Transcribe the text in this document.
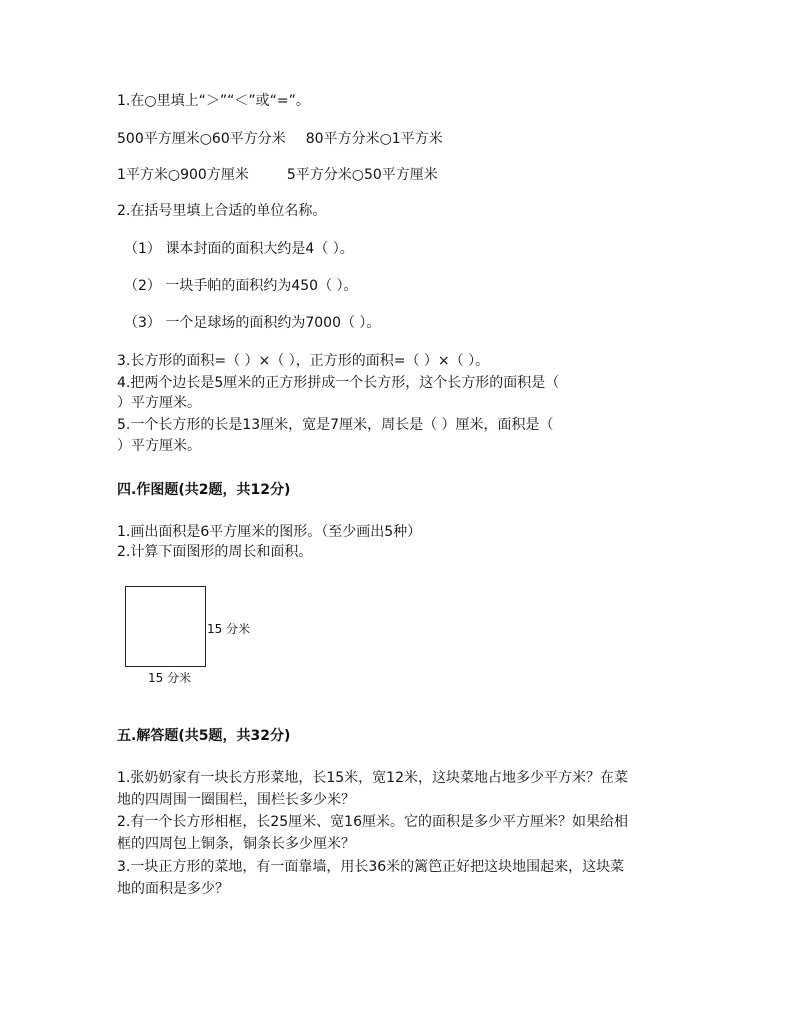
1.在○里填上“＞”“＜”或“=”。
500平方厘米○60平方分米 80平方分米○1平方米
1平方米○900方厘米	5平方分米○50平方厘米
2.在括号里填上合适的单位名称。
（1） 课本封面的面积大约是4（ ）。
（2） 一块手帕的面积约为450（ ）。
（3） 一个足球场的面积约为7000（ ）。
3.长方形的面积=（ ）×（ ），正方形的面积=（ ）×（ ）。
4.把两个边长是5厘米的正方形拼成一个长方形，这个长方形的面积是（
）平方厘米。
5.一个长方形的长是13厘米，宽是7厘米，周长是（ ）厘米，面积是（
）平方厘米。
四.作图题(共2题，共12分)
1.画出面积是6平方厘米的图形。（至少画出5种）
2.计算下面图形的周长和面积。
15 分米
15 分米
五.解答题(共5题，共32分)
1.张奶奶家有一块长方形菜地，长15米，宽12米，这块菜地占地多少平方米？在菜
地的四周围一圈围栏，围栏长多少米？
2.有一个长方形相框，长25厘米、宽16厘米。它的面积是多少平方厘米？如果给相
框的四周包上铜条，铜条长多少厘米？
3.一块正方形的菜地，有一面靠墙，用长36米的篱笆正好把这块地围起来，这块菜
地的面积是多少？
